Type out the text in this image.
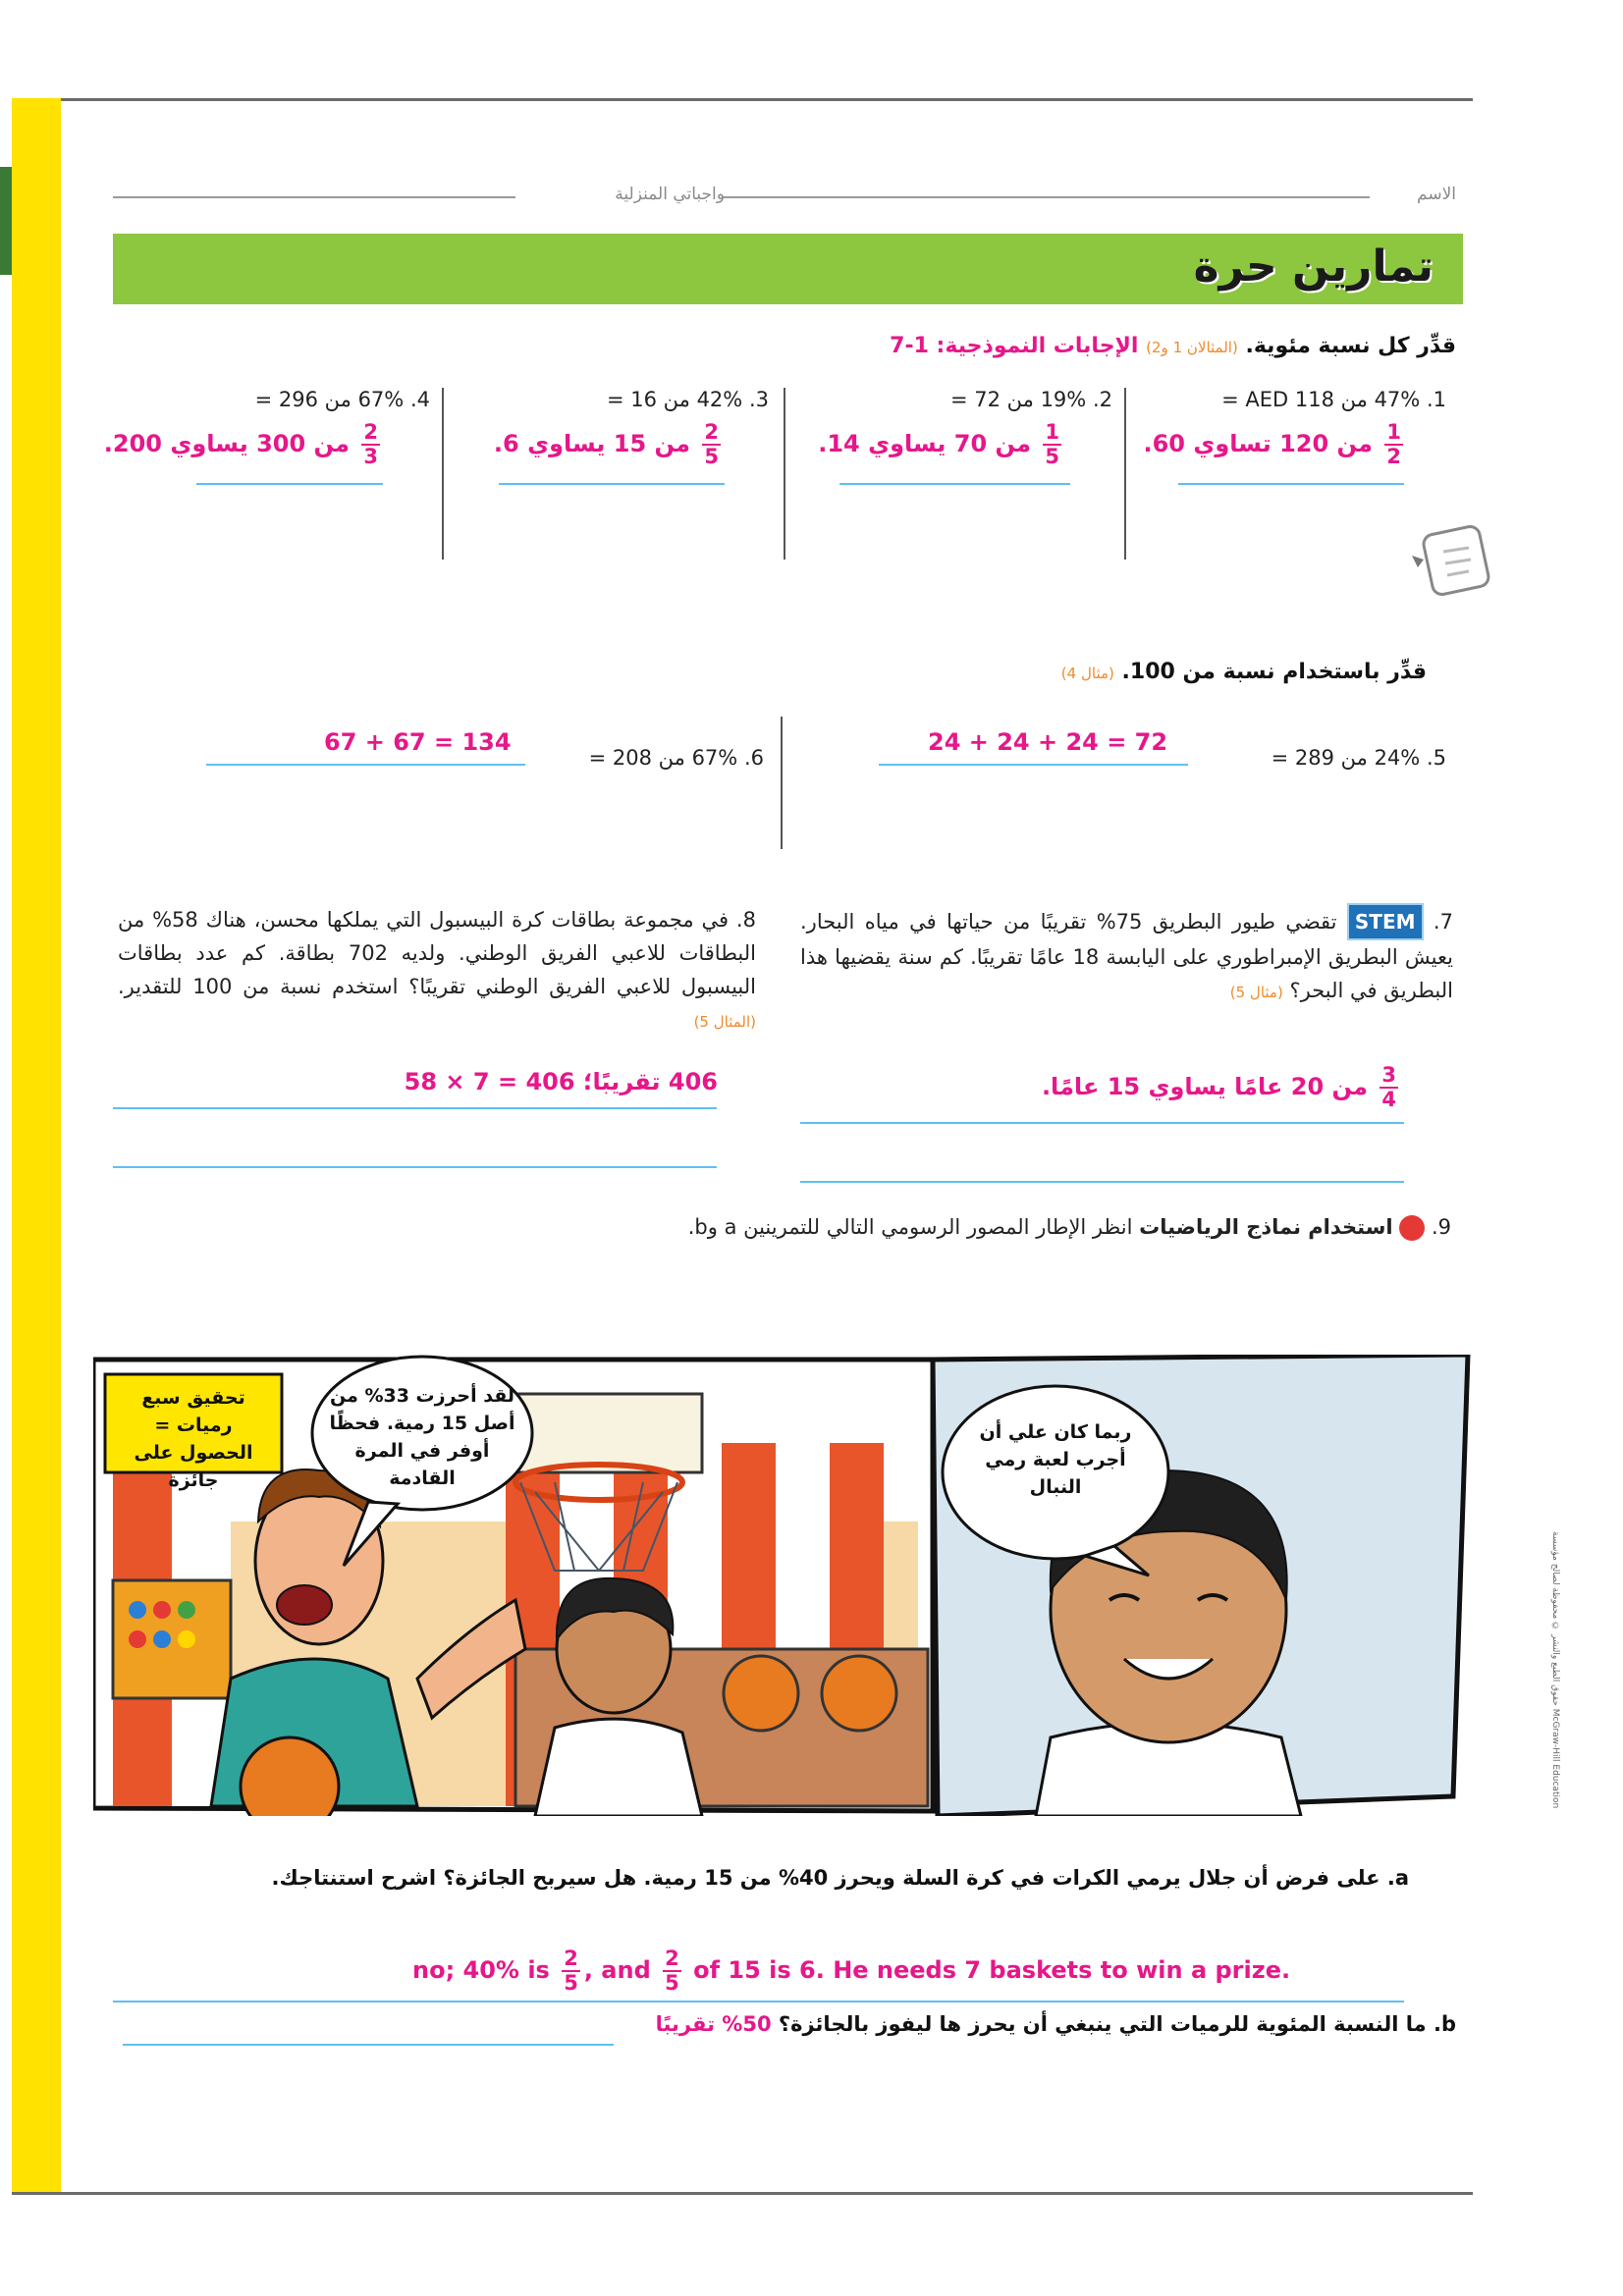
الاسم
واجباتي المنزلية
تمارين حرة
قدِّر كل نسبة مئوية. (المثالان 1 و2) الإجابات النموذجية: 1-7
1. 47% من 118 AED =
$\frac{1}{2}$
من 120 تساوي 60.
2. 19% من 72 =
$\frac{1}{5}$
من 70 يساوي 14.
3. 42% من 16 =
$\frac{2}{5}$
من 15 يساوي 6.
4. 67% من 296 =
$\frac{2}{3}$
من 300 يساوي 200.
قدِّر باستخدام نسبة من 100. (مثال 4)
5. 24% من 289 =
24 + 24 + 24 = 72
6. 67% من 208 =
67 + 67 = 134
7. STEM تقضي طيور البطريق 75% تقريبًا من حياتها في مياه البحار. يعيش البطريق الإمبراطوري على اليابسة 18 عامًا تقريبًا. كم سنة يقضيها هذا البطريق في البحر؟ (مثال 5)
$\frac{3}{4}$
من 20 عامًا يساوي 15 عامًا.
8. في مجموعة بطاقات كرة البيسبول التي يملكها محسن، هناك 58% من البطاقات للاعبي الفريق الوطني. ولديه 702 بطاقة. كم عدد بطاقات البيسبول للاعبي الفريق الوطني تقريبًا؟ استخدم نسبة من 100 للتقدير. (المثال 5)
406 تقريبًا؛ 406 = 7 × 58
9.  استخدام نماذج الرياضيات انظر الإطار المصور الرسومي التالي للتمرينين a وb.
تحقيق سبع رميات = الحصول على جائزة
لقد أحرزت 33% من أصل 15 رمية. فحظًا أوفر في المرة القادمة
ربما كان علي أن أجرب لعبة رمي النبال
a. على فرض أن جلال يرمي الكرات في كرة السلة ويحرز 40% من 15 رمية. هل سيربح الجائزة؟ اشرح استنتاجك.
no; 40% is $\frac{2}{5}$ , and $\frac{2}{5}$ of 15 is 6. He needs 7 baskets to win a prize.
b. ما النسبة المئوية للرميات التي ينبغي أن يحرز ها ليفوز بالجائزة؟ 50% تقريبًا
حقوق الطبع والنشر © محفوظة لصالح مؤسسة McGraw-Hill Education
